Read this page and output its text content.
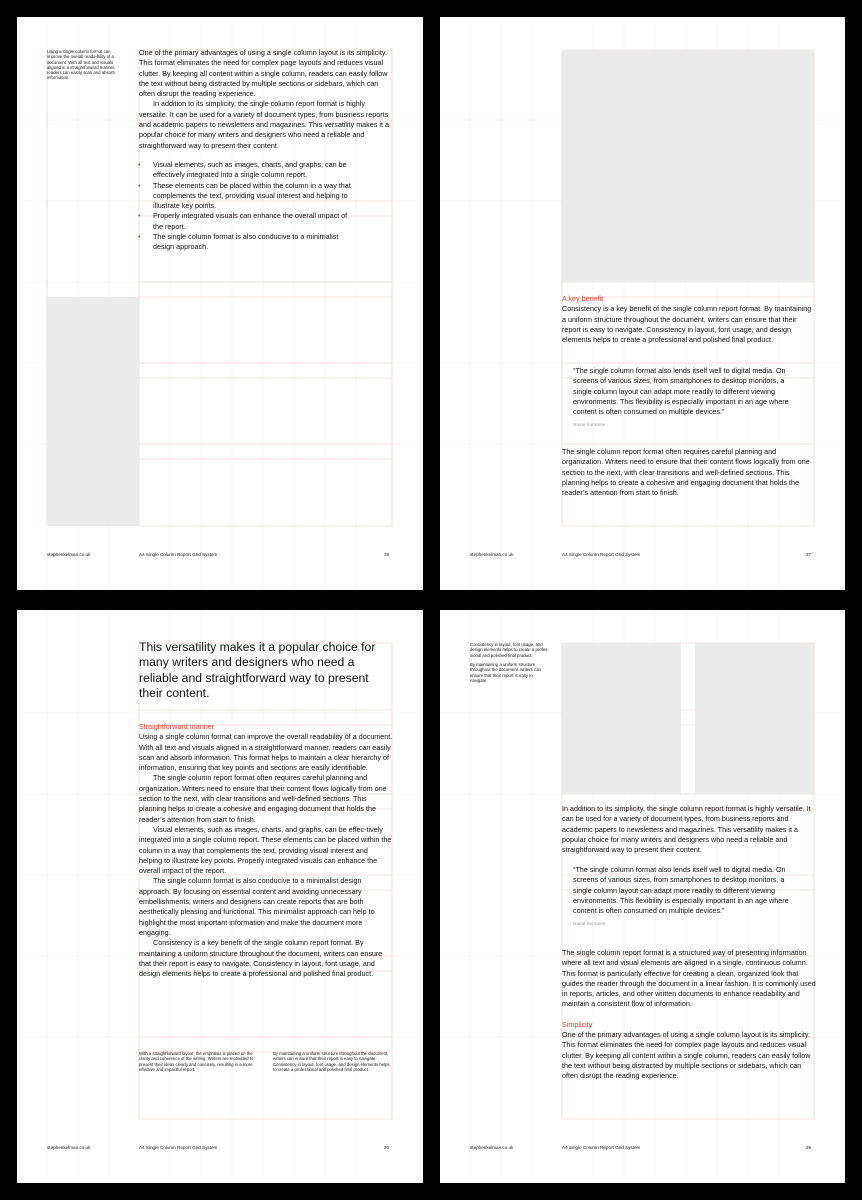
Using a single column format can improve the overall reada-bility of a document. With all text and visuals aligned in a straightforward manner, readers can easily scan and absorb information.

One of the primary advantages of using a single column layout is its simplicity. This format eliminates the need for complex page layouts and reduces visual clutter. By keeping all content within a single column, readers can easily follow the text without being distracted by multiple sections or sidebars, which can often disrupt the reading experience.

In addition to its simplicity, the single column report format is highly versatile. It can be used for a variety of document types, from business reports and academic papers to newsletters and magazines. This versatility makes it a popular choice for many writers and designers who need a reliable and straightforward way to present their content.

• Visual elements, such as images, charts, and graphs, can be effectively integrated into a single column report.
• These elements can be placed within the column in a way that complements the text, providing visual interest and helping to illustrate key points.
• Properly integrated visuals can enhance the overall impact of the report.
• The single column format is also conducive to a minimalist design approach.
stephenkelman.co.uk	A4 Single Column Report Grid System	28

A key benefit

Consistency is a key benefit of the single column report format. By maintaining a uniform structure throughout the document, writers can ensure that their report is easy to navigate. Consistency in layout, font usage, and design elements helps to create a professional and polished final product.

“The single column format also lends itself well to digital media. On screens of various sizes, from smartphones to desktop monitors, a single column layout can adapt more readily to different viewing environments. This flexibility is especially important in an age where content is often consumed on multiple devices.”

Name Surname

The single column report format often requires careful planning and organization. Writers need to ensure that their content flows logically from one section to the next, with clear transitions and well-defined sections. This planning helps to create a cohesive and engaging document that holds the reader’s attention from start to finish.

stephenkelman.co.uk	A4 Single Column Report Grid System	27
This versatility makes it a popular choice for many writers and designers who need a reliable and straightforward way to present their content.

Straightforward manner

Using a single column format can improve the overall readability of a document. With all text and visuals aligned in a straightforward manner, readers can easily scan and absorb information. This format helps to maintain a clear hierarchy of information, ensuring that key points and sections are easily identifiable.

The single column report format often requires careful planning and organization. Writers need to ensure that their content flows logically from one section to the next, with clear transitions and well-defined sections. This planning helps to create a cohesive and engaging document that holds the reader’s attention from start to finish.

Visual elements, such as images, charts, and graphs, can be effec-tively integrated into a single column report. These elements can be placed within the column in a way that complements the text, providing visual interest and helping to illustrate key points. Properly integrated visuals can enhance the overall impact of the report.

The single column format is also conducive to a minimalist design approach. By focusing on essential content and avoiding unnecessary embellishments, writers and designers can create reports that are both aesthetically pleasing and functional. This minimalist approach can help to highlight the most important information and make the document more engaging.

Consistency is a key benefit of the single column report format. By maintaining a uniform structure throughout the document, writers can ensure that their report is easy to navigate. Consistency in layout, font usage, and design elements helps to create a professional and polished final product.

With a straightforward layout, the emphasis is placed on the clarity and coherence of the writing. Writers are motivated to present their ideas clearly and concisely, resulting in a more effective and impactful report.
By maintaining a uniform structure throughout the document, writers can ensure that their report is easy to navigate. Consistency in layout, font usage, and design elements helps to create a professional and polished final product.
stephenkelman.co.uk	A4 Single Column Report Grid System	30
Consistency in layout, font usage, and design elements helps to create a profes-sional and polished final product.
By maintaining a uniform structure throughout the document, writers can ensure that their report is easy to navigate.

In addition to its simplicity, the single column report format is highly versatile. It can be used for a variety of document types, from business reports and academic papers to newsletters and magazines. This versatility makes it a popular choice for many writers and designers who need a reliable and straightforward way to present their content.

“The single column format also lends itself well to digital media. On screens of various sizes, from smartphones to desktop monitors, a single column layout can adapt more readily to different viewing environments. This flexibility is especially important in an age where content is often consumed on multiple devices.”

Name Surname

The single column report format is a structured way of presenting information where all text and visual elements are aligned in a single, continuous column. This format is particularly effective for creating a clean, organized look that guides the reader through the document in a linear fashion. It is commonly used in reports, articles, and other written documents to enhance readability and maintain a consistent flow of information.

Simplicity

One of the primary advantages of using a single column layout is its simplicity. This format eliminates the need for complex page layouts and reduces visual clutter. By keeping all content within a single column, readers can easily follow the text without being distracted by multiple sections or sidebars, which can often disrupt the reading experience.

stephenkelman.co.uk	A4 Single Column Report Grid System	29
